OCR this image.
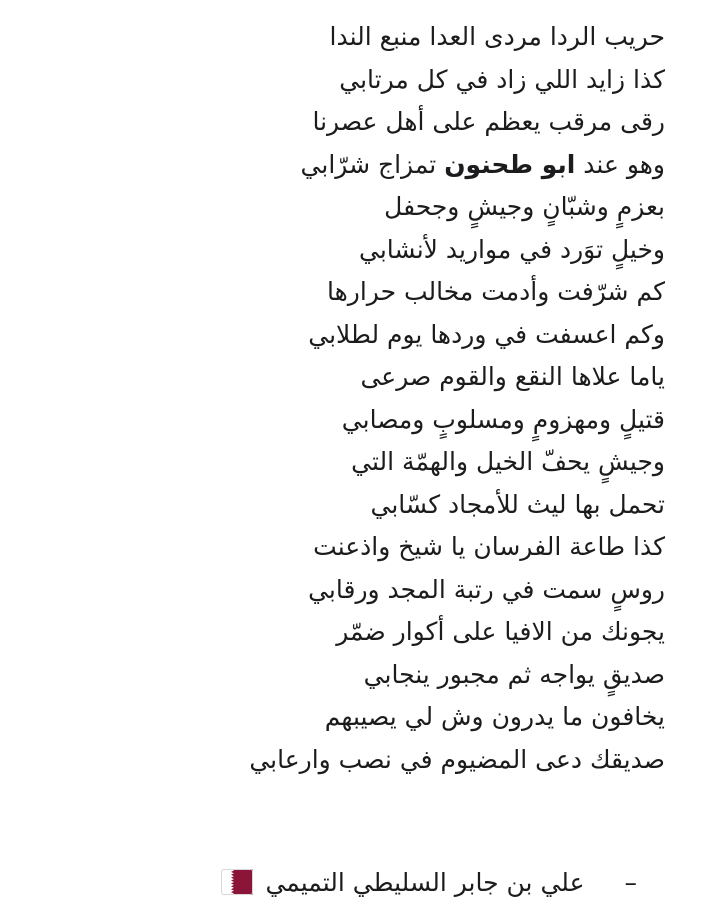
حريب الردا مردى العدا منبع الندا
كذا زايد اللي زاد في كل مرتابي
رقى مرقب يعظم على أهل عصرنا
وهو عند ابو طحنون تمزاج شرّابي
بعزمٍ وشبّانٍ وجيشٍ وجحفل
وخيلٍ توَرد في مواريد لأنشابي
كم شرّفت وأدمت مخالب حرارها
وكم اعسفت في وردها يوم لطلابي
ياما علاها النقع والقوم صرعى
قتيلٍ ومهزومٍ ومسلوبٍ ومصابي
وجيشٍ يحفّ الخيل والهمّة التي
تحمل بها ليث للأمجاد كسّابي
كذا طاعة الفرسان يا شيخ واذعنت
روسٍ سمت في رتبة المجد ورقابي
يجونك من الافيا على أكوار ضمّر
صديقٍ يواجه ثم مجبور ينجابي
يخافون ما يدرون وش لي يصيبهم
صديقك دعى المضيوم في نصب وارعابي
–
علي بن جابر السليطي التميمي
